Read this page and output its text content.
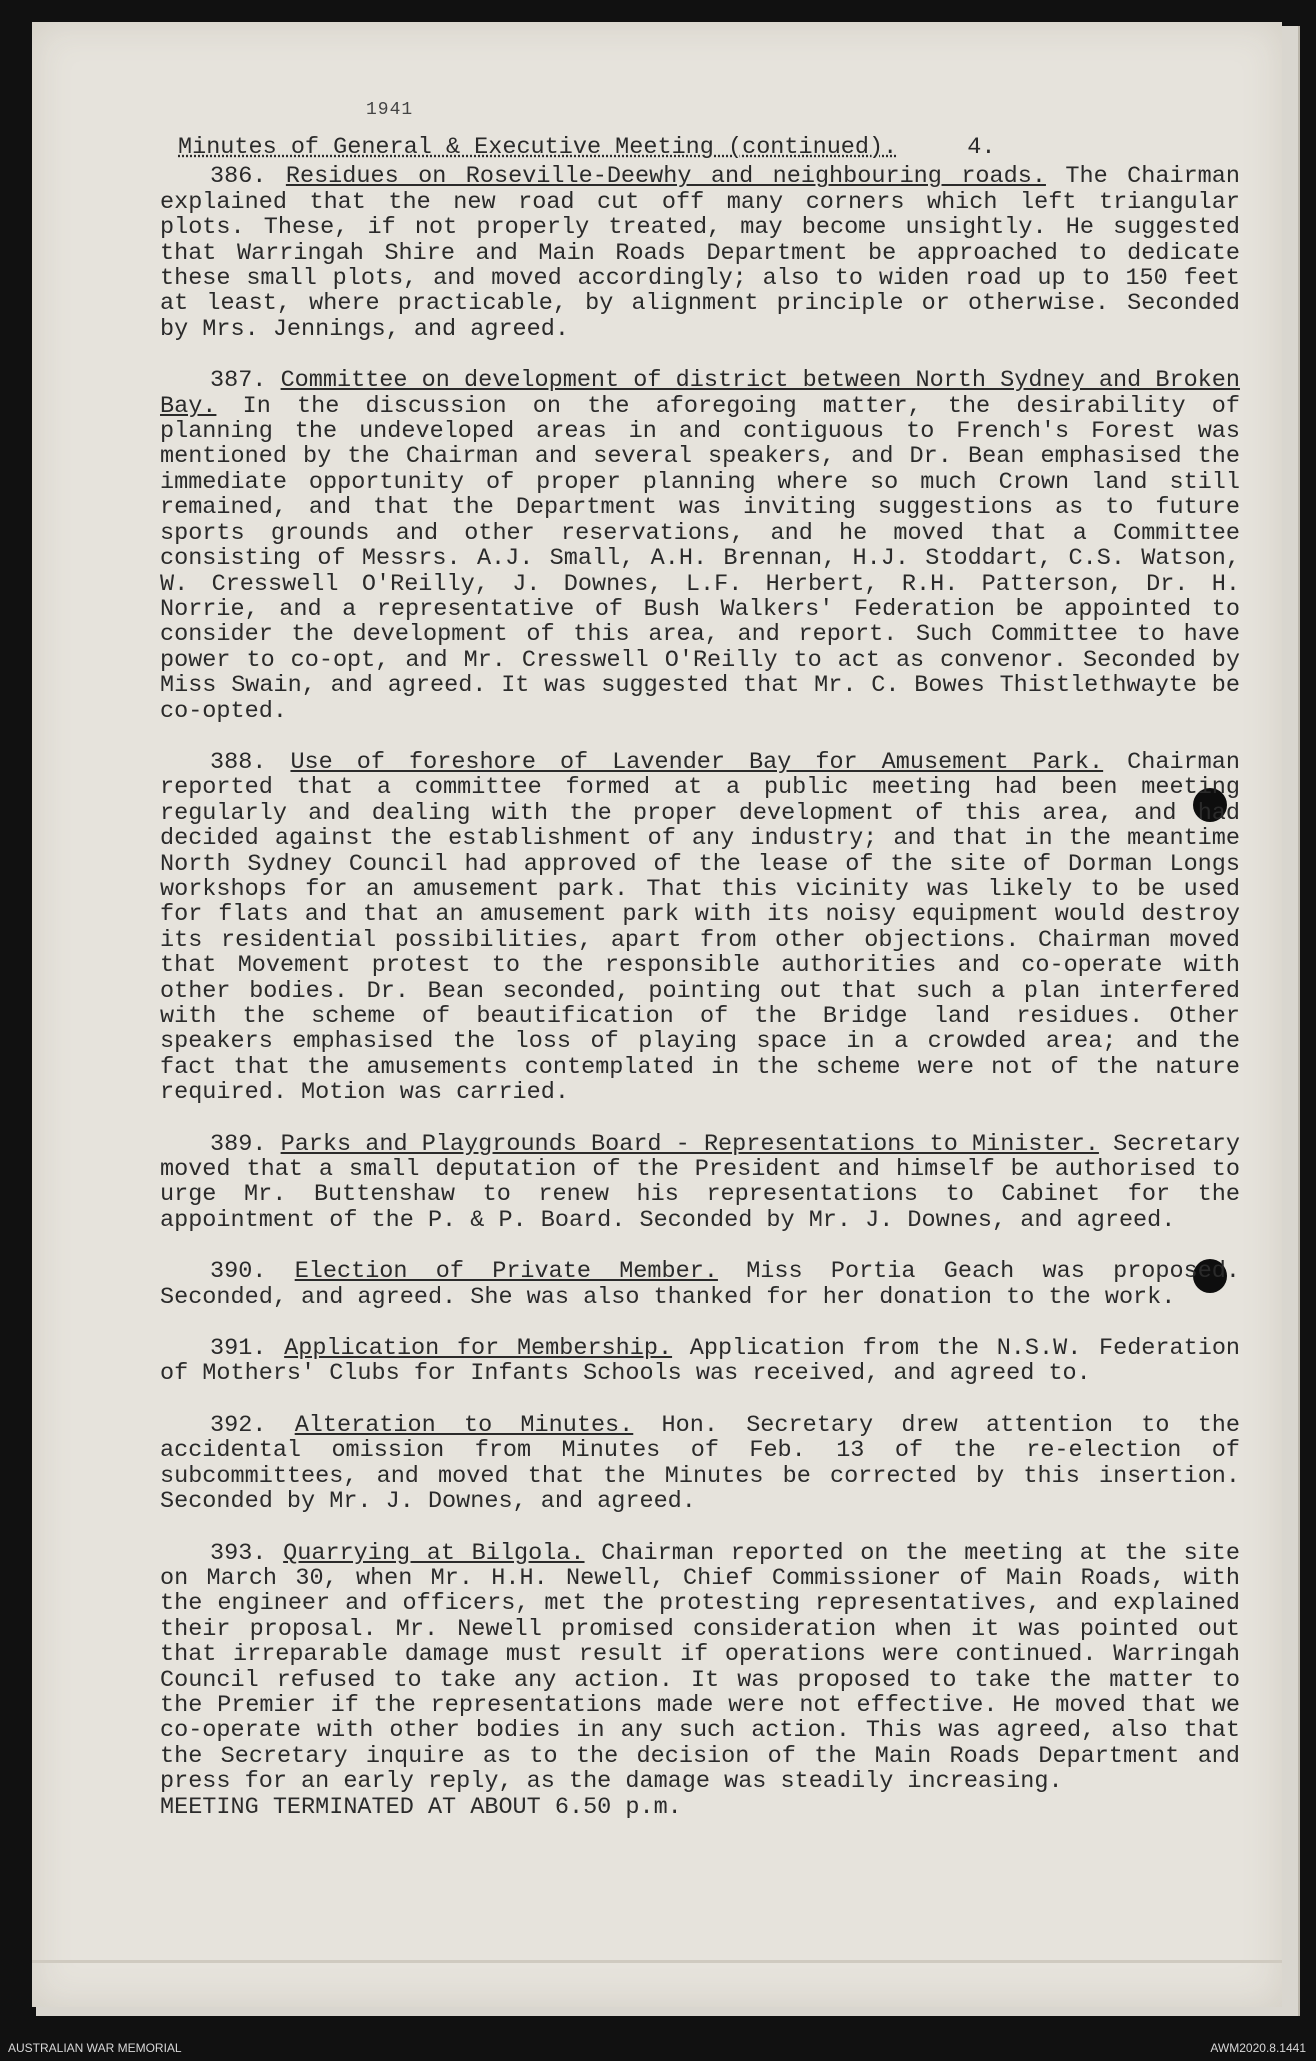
1941
Minutes of General & Executive Meeting (continued).	4.
386. Residues on Roseville-Deewhy and neighbouring roads. The Chairman explained that the new road cut off many corners which left triangular plots. These, if not properly treated, may become unsightly. He suggested that Warringah Shire and Main Roads Department be approached to dedicate these small plots, and moved accordingly; also to widen road up to 150 feet at least, where practicable, by alignment principle or otherwise. Seconded by Mrs. Jennings, and agreed.
387. Committee on development of district between North Sydney and Broken Bay. In the discussion on the aforegoing matter, the desirability of planning the undeveloped areas in and contiguous to French's Forest was mentioned by the Chairman and several speakers, and Dr. Bean emphasised the immediate opportunity of proper planning where so much Crown land still remained, and that the Department was inviting suggestions as to future sports grounds and other reservations, and he moved that a Committee consisting of Messrs. A.J. Small, A.H. Brennan, H.J. Stoddart, C.S. Watson, W. Cresswell O'Reilly, J. Downes, L.F. Herbert, R.H. Patterson, Dr. H. Norrie, and a representative of Bush Walkers' Federation be appointed to consider the development of this area, and report. Such Committee to have power to co-opt, and Mr. Cresswell O'Reilly to act as convenor. Seconded by Miss Swain, and agreed. It was suggested that Mr. C. Bowes Thistlethwayte be co-opted.
388. Use of foreshore of Lavender Bay for Amusement Park. Chairman reported that a committee formed at a public meeting had been meeting regularly and dealing with the proper development of this area, and had decided against the establishment of any industry; and that in the meantime North Sydney Council had approved of the lease of the site of Dorman Longs workshops for an amusement park. That this vicinity was likely to be used for flats and that an amusement park with its noisy equipment would destroy its residential possibilities, apart from other objections. Chairman moved that Movement protest to the responsible authorities and co-operate with other bodies. Dr. Bean seconded, pointing out that such a plan interfered with the scheme of beautification of the Bridge land residues. Other speakers emphasised the loss of playing space in a crowded area; and the fact that the amusements contemplated in the scheme were not of the nature required. Motion was carried.
389. Parks and Playgrounds Board - Representations to Minister. Secretary moved that a small deputation of the President and himself be authorised to urge Mr. Buttenshaw to renew his representations to Cabinet for the appointment of the P. & P. Board. Seconded by Mr. J. Downes, and agreed.
390. Election of Private Member. Miss Portia Geach was proposed. Seconded, and agreed. She was also thanked for her donation to the work.
391. Application for Membership. Application from the N.S.W. Federation of Mothers' Clubs for Infants Schools was received, and agreed to.
392. Alteration to Minutes. Hon. Secretary drew attention to the accidental omission from Minutes of Feb. 13 of the re-election of subcommittees, and moved that the Minutes be corrected by this insertion. Seconded by Mr. J. Downes, and agreed.
393. Quarrying at Bilgola. Chairman reported on the meeting at the site on March 30, when Mr. H.H. Newell, Chief Commissioner of Main Roads, with the engineer and officers, met the protesting representatives, and explained their proposal. Mr. Newell promised consideration when it was pointed out that irreparable damage must result if operations were continued. Warringah Council refused to take any action. It was proposed to take the matter to the Premier if the representations made were not effective. He moved that we co-operate with other bodies in any such action. This was agreed, also that the Secretary inquire as to the decision of the Main Roads Department and press for an early reply, as the damage was steadily increasing.
MEETING TERMINATED AT ABOUT 6.50 p.m.
AUSTRALIAN WAR MEMORIAL	AWM2020.8.1441
